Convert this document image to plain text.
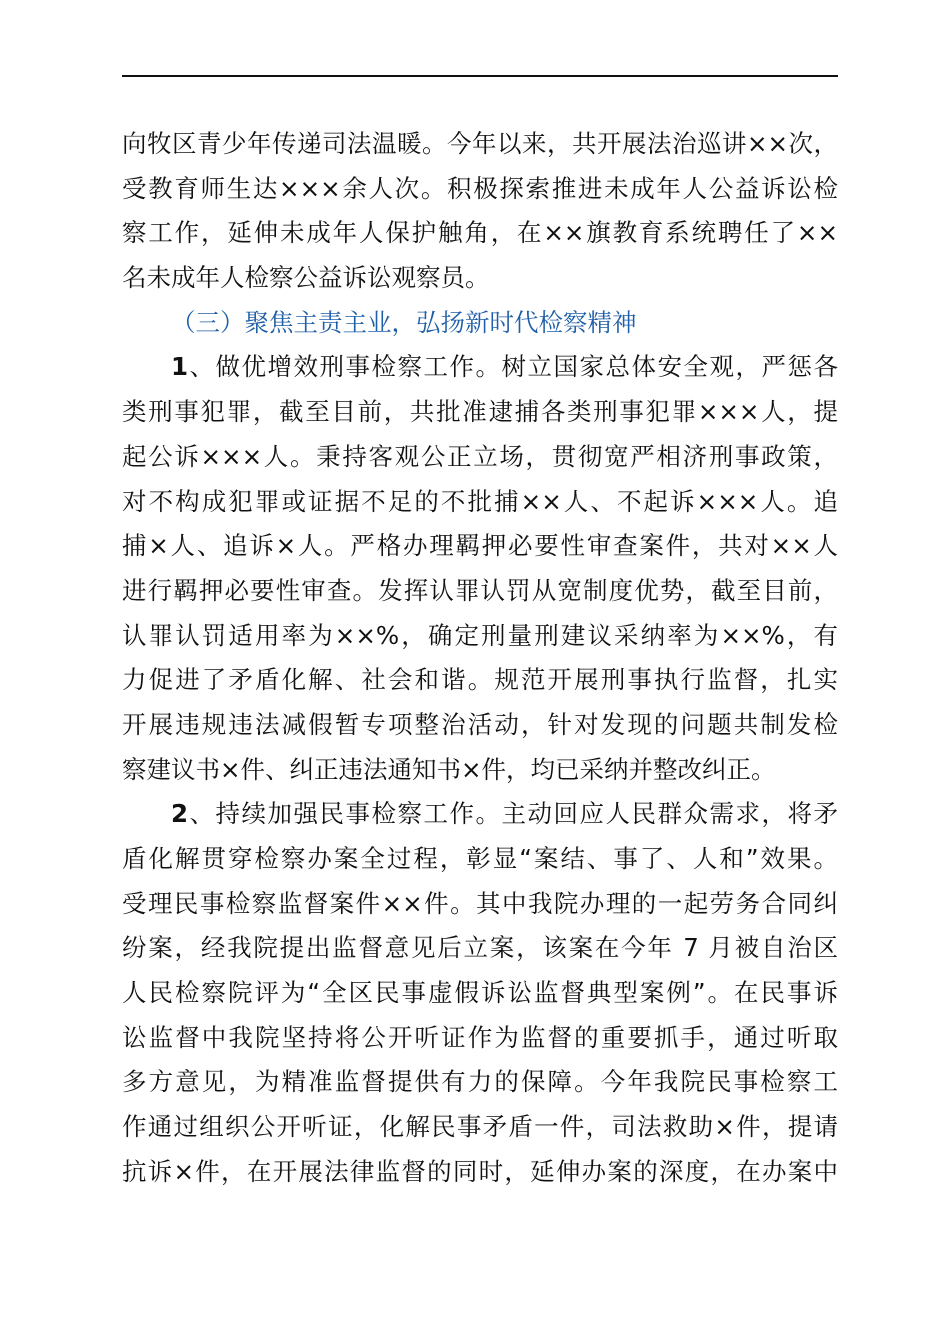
向牧区青少年传递司法温暖。今年以来，共开展法治巡讲××次，
受教育师生达×××余人次。积极探索推进未成年人公益诉讼检
察工作，延伸未成年人保护触角，在××旗教育系统聘任了××
名未成年人检察公益诉讼观察员。
（三）聚焦主责主业，弘扬新时代检察精神
1、做优增效刑事检察工作。树立国家总体安全观，严惩各
类刑事犯罪，截至目前，共批准逮捕各类刑事犯罪×××人，提
起公诉×××人。秉持客观公正立场，贯彻宽严相济刑事政策，
对不构成犯罪或证据不足的不批捕××人、不起诉×××人。追
捕×人、追诉×人。严格办理羁押必要性审查案件，共对××人
进行羁押必要性审查。发挥认罪认罚从宽制度优势，截至目前，
认罪认罚适用率为××%，确定刑量刑建议采纳率为××%，有
力促进了矛盾化解、社会和谐。规范开展刑事执行监督，扎实
开展违规违法减假暂专项整治活动，针对发现的问题共制发检
察建议书×件、纠正违法通知书×件，均已采纳并整改纠正。
2、持续加强民事检察工作。主动回应人民群众需求，将矛
盾化解贯穿检察办案全过程，彰显“案结、事了、人和”效果。
受理民事检察监督案件××件。其中我院办理的一起劳务合同纠
纷案，经我院提出监督意见后立案，该案在今年 7 月被自治区
人民检察院评为“全区民事虚假诉讼监督典型案例”。在民事诉
讼监督中我院坚持将公开听证作为监督的重要抓手，通过听取
多方意见，为精准监督提供有力的保障。今年我院民事检察工
作通过组织公开听证，化解民事矛盾一件，司法救助×件，提请
抗诉×件，在开展法律监督的同时，延伸办案的深度，在办案中
